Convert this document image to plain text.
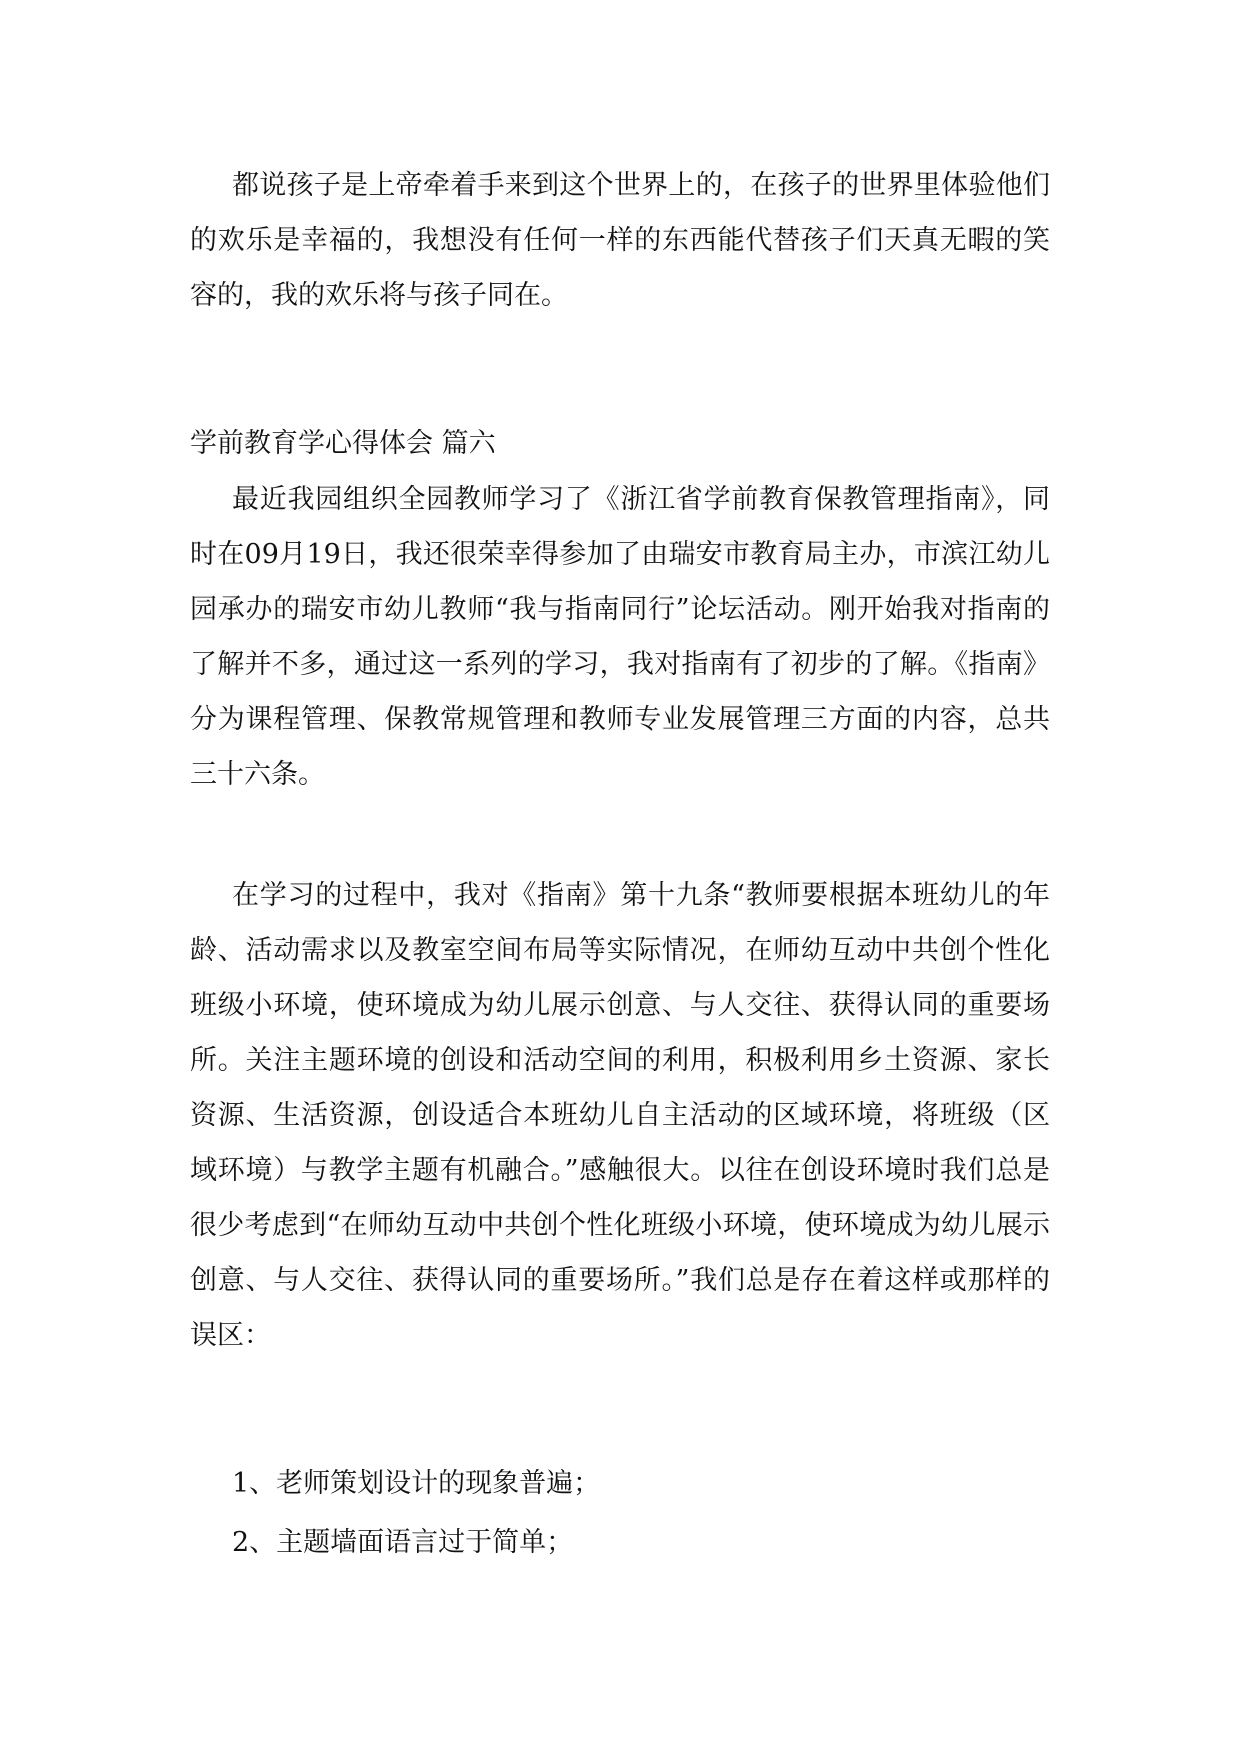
都说孩子是上帝牵着手来到这个世界上的，在孩子的世界里体验他们的欢乐是幸福的，我想没有任何一样的东西能代替孩子们天真无暇的笑容的，我的欢乐将与孩子同在。

学前教育学心得体会 篇六

最近我园组织全园教师学习了《浙江省学前教育保教管理指南》，同时在09月19日，我还很荣幸得参加了由瑞安市教育局主办，市滨江幼儿园承办的瑞安市幼儿教师“我与指南同行”论坛活动。刚开始我对指南的了解并不多，通过这一系列的学习，我对指南有了初步的了解。《指南》分为课程管理、保教常规管理和教师专业发展管理三方面的内容，总共三十六条。

在学习的过程中，我对《指南》第十九条“教师要根据本班幼儿的年龄、活动需求以及教室空间布局等实际情况，在师幼互动中共创个性化班级小环境，使环境成为幼儿展示创意、与人交往、获得认同的重要场所。关注主题环境的创设和活动空间的利用，积极利用乡土资源、家长资源、生活资源，创设适合本班幼儿自主活动的区域环境，将班级（区域环境）与教学主题有机融合。”感触很大。以往在创设环境时我们总是很少考虑到“在师幼互动中共创个性化班级小环境，使环境成为幼儿展示创意、与人交往、获得认同的重要场所。”我们总是存在着这样或那样的误区：

1、老师策划设计的现象普遍；

2、主题墙面语言过于简单；
